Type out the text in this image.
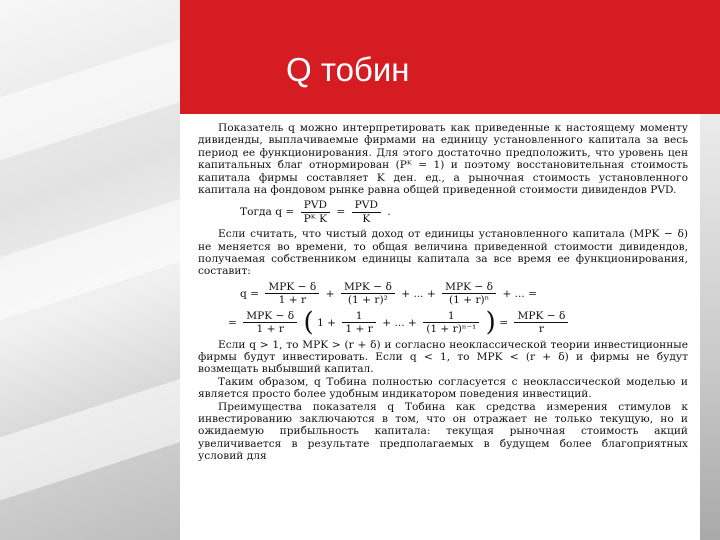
Q тобин

Показатель q можно интерпретировать как приведенные к настоящему моменту дивиденды, выплачиваемые фирмами на единицу установленного капитала за весь период ее функционирования. Для этого достаточно предположить, что уровень цен капитальных благ отнормирован (Pᴷ = 1) и поэтому восстановительная стоимость капитала фирмы составляет K ден. ед., а рыночная стоимость установленного капитала на фондовом рынке равна общей приведенной стоимости дивидендов PVD.

Тогда $q = \frac{\text{PVD}}{\text{Pᴷ K}} = \frac{\text{PVD}}{K}$ .

Если считать, что чистый доход от единицы установленного капитала (MPK − δ) не меняется во времени, то общая величина приведенной стоимости дивидендов, получаемая собственником единицы капитала за все время ее функционирования, составит:

$q = \frac{\text{MPK − δ}}{1 + r} + \frac{\text{MPK − δ}}{\text{(1 + r)²}}$ + ... + $\frac{\text{MPK − δ}}{\text{(1 + r)ⁿ}}$ + ... =
= $\frac{\text{MPK − δ}}{1 + r}$ ( $1 + \frac{1}{1 + r}$ + ... + $\frac{1}{\text{(1 + r)ⁿ⁻¹}}$ ) = $\frac{\text{MPK − δ}}{r}$

Если q > 1, то MPK > (r + δ) и согласно неоклассической теории инвестиционные фирмы будут инвестировать. Если q < 1, то MPK < (r + δ) и фирмы не будут возмещать выбывший капитал.

Таким образом, q Тобина полностью согласуется с неоклассической моделью и является просто более удобным индикатором поведения инвестиций.

Преимущества показателя q Тобина как средства измерения стимулов к инвестированию заключаются в том, что он отражает не только текущую, но и ожидаемую прибыльность капитала: текущая рыночная стоимость акций увеличивается в результате предполагаемых в будущем более благоприятных условий для
